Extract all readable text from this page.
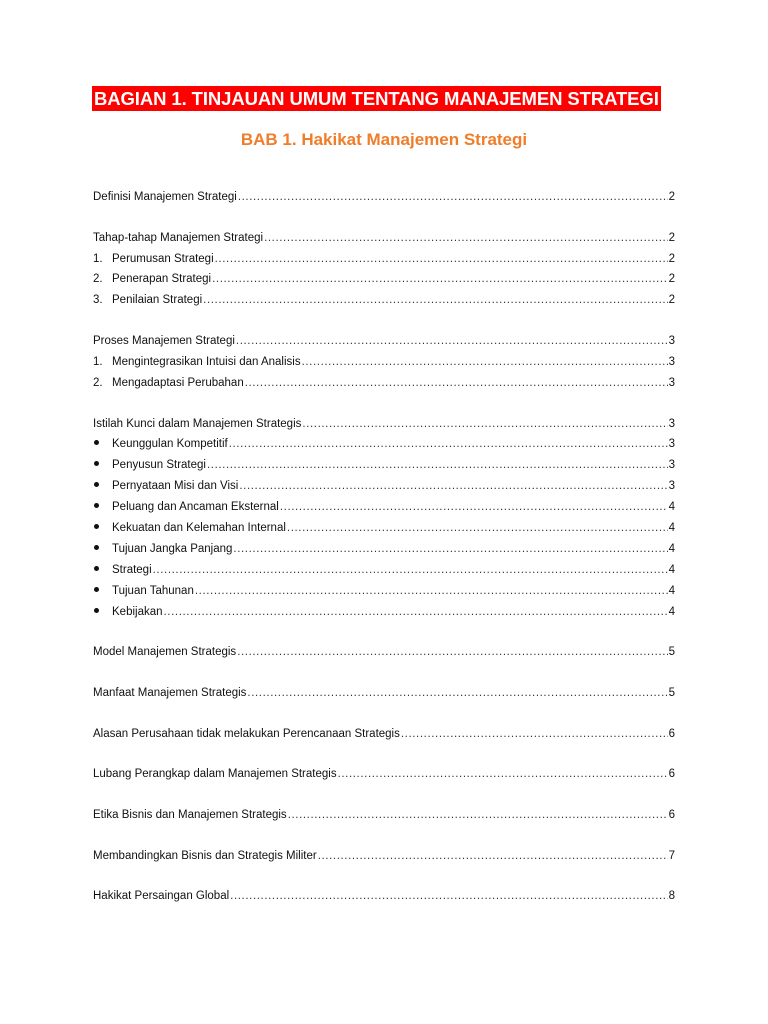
BAGIAN 1. TINJAUAN UMUM TENTANG MANAJEMEN STRATEGI
BAB 1. Hakikat Manajemen Strategi
Definisi Manajemen Strategi .....	2
Tahap-tahap Manajemen Strategi .....	2
1. Perumusan Strategi .....	2
2. Penerapan Strategi .....	2
3. Penilaian Strategi .....	2
Proses Manajemen Strategi .....	3
1. Mengintegrasikan Intuisi dan Analisis .....	3
2. Mengadaptasi Perubahan .....	3
Istilah Kunci dalam Manajemen Strategis .....	3
Keunggulan Kompetitif .....	3
Penyusun Strategi .....	3
Pernyataan Misi dan Visi .....	3
Peluang dan Ancaman Eksternal .....	4
Kekuatan dan Kelemahan Internal .....	4
Tujuan Jangka Panjang .....	4
Strategi .....	4
Tujuan Tahunan .....	4
Kebijakan .....	4
Model Manajemen Strategis .....	5
Manfaat Manajemen Strategis .....	5
Alasan Perusahaan tidak melakukan Perencanaan Strategis .....	6
Lubang Perangkap dalam Manajemen Strategis .....	6
Etika Bisnis dan Manajemen Strategis .....	6
Membandingkan Bisnis dan Strategis Militer .....	7
Hakikat Persaingan Global .....	8
